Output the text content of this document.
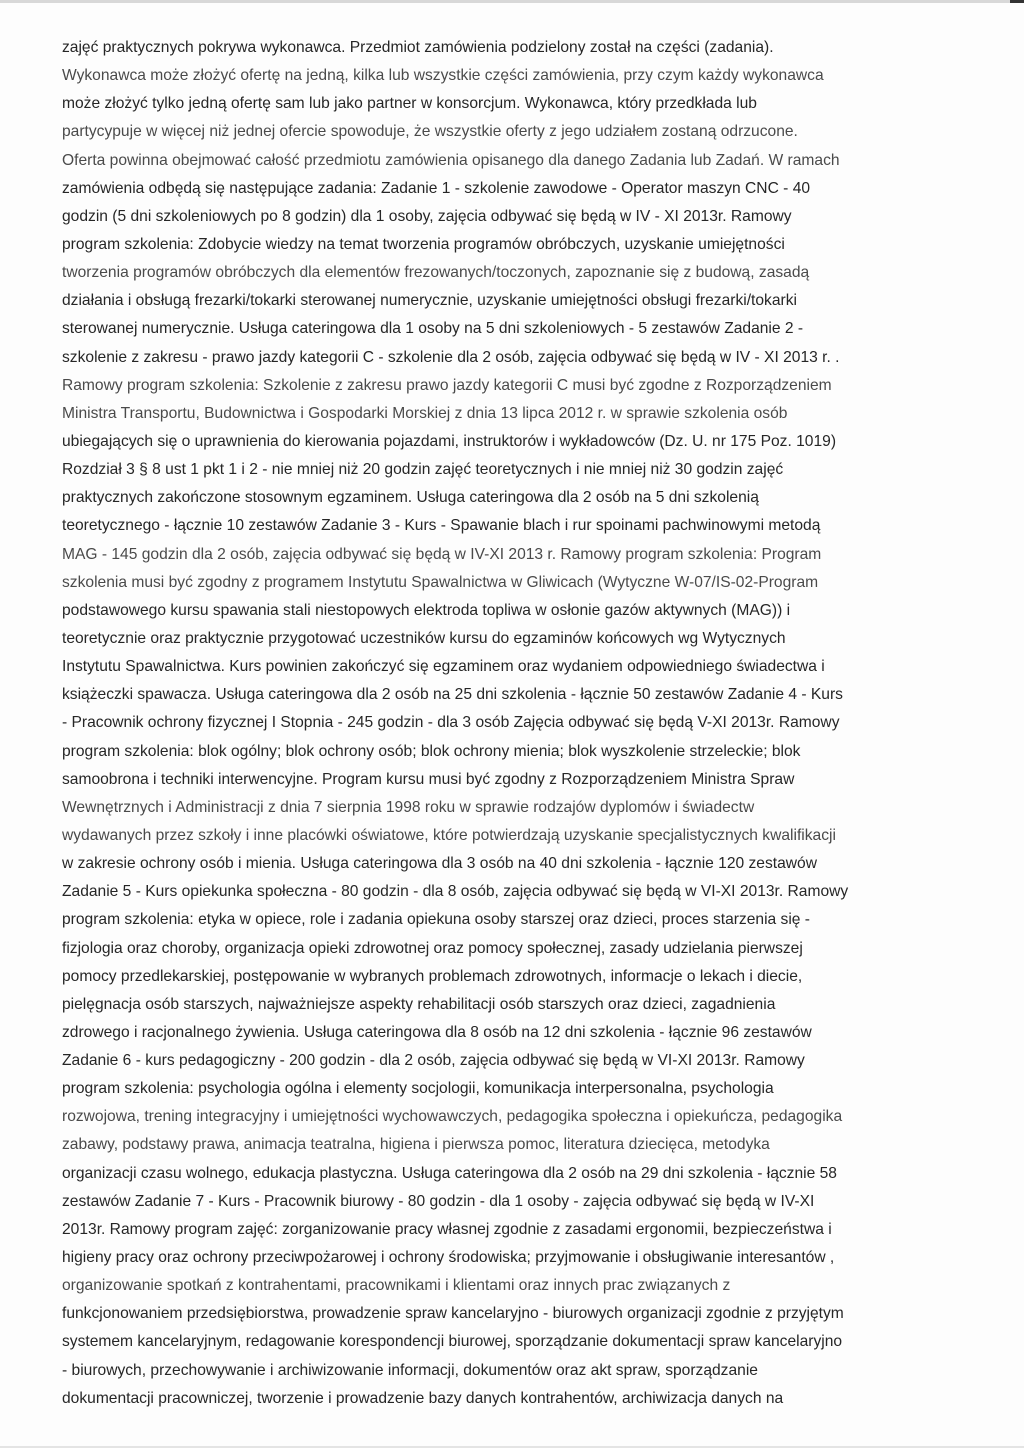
zajęć praktycznych pokrywa wykonawca. Przedmiot zamówienia podzielony został na części (zadania).
Wykonawca może złożyć ofertę na jedną, kilka lub wszystkie części zamówienia, przy czym każdy wykonawca
może złożyć tylko jedną ofertę sam lub jako partner w konsorcjum. Wykonawca, który przedkłada lub
partycypuje w więcej niż jednej ofercie spowoduje, że wszystkie oferty z jego udziałem zostaną odrzucone.
Oferta powinna obejmować całość przedmiotu zamówienia opisanego dla danego Zadania lub Zadań. W ramach
zamówienia odbędą się następujące zadania: Zadanie 1 - szkolenie zawodowe - Operator maszyn CNC - 40
godzin (5 dni szkoleniowych po 8 godzin) dla 1 osoby, zajęcia odbywać się będą w IV - XI 2013r. Ramowy
program szkolenia: Zdobycie wiedzy na temat tworzenia programów obróbczych, uzyskanie umiejętności
tworzenia programów obróbczych dla elementów frezowanych/toczonych, zapoznanie się z budową, zasadą
działania i obsługą frezarki/tokarki sterowanej numerycznie, uzyskanie umiejętności obsługi frezarki/tokarki
sterowanej numerycznie. Usługa cateringowa dla 1 osoby na 5 dni szkoleniowych - 5 zestawów Zadanie 2 -
szkolenie z zakresu - prawo jazdy kategorii C - szkolenie dla 2 osób, zajęcia odbywać się będą w IV - XI 2013 r. .
Ramowy program szkolenia: Szkolenie z zakresu prawo jazdy kategorii C musi być zgodne z Rozporządzeniem
Ministra Transportu, Budownictwa i Gospodarki Morskiej z dnia 13 lipca 2012 r. w sprawie szkolenia osób
ubiegających się o uprawnienia do kierowania pojazdami, instruktorów i wykładowców (Dz. U. nr 175 Poz. 1019)
Rozdział 3 § 8 ust 1 pkt 1 i 2 - nie mniej niż 20 godzin zajęć teoretycznych i nie mniej niż 30 godzin zajęć
praktycznych zakończone stosownym egzaminem. Usługa cateringowa dla 2 osób na 5 dni szkolenią
teoretycznego - łącznie 10 zestawów Zadanie 3 - Kurs - Spawanie blach i rur spoinami pachwinowymi metodą
MAG - 145 godzin dla 2 osób, zajęcia odbywać się będą w IV-XI 2013 r. Ramowy program szkolenia: Program
szkolenia musi być zgodny z programem Instytutu Spawalnictwa w Gliwicach (Wytyczne W-07/IS-02-Program
podstawowego kursu spawania stali niestopowych elektroda topliwa w osłonie gazów aktywnych (MAG)) i
teoretycznie oraz praktycznie przygotować uczestników kursu do egzaminów końcowych wg Wytycznych
Instytutu Spawalnictwa. Kurs powinien zakończyć się egzaminem oraz wydaniem odpowiedniego świadectwa i
książeczki spawacza. Usługa cateringowa dla 2 osób na 25 dni szkolenia - łącznie 50 zestawów Zadanie 4 - Kurs
- Pracownik ochrony fizycznej I Stopnia - 245 godzin - dla 3 osób Zajęcia odbywać się będą V-XI 2013r. Ramowy
program szkolenia: blok ogólny; blok ochrony osób; blok ochrony mienia; blok wyszkolenie strzeleckie; blok
samoobrona i techniki interwencyjne. Program kursu musi być zgodny z Rozporządzeniem Ministra Spraw
Wewnętrznych i Administracji z dnia 7 sierpnia 1998 roku w sprawie rodzajów dyplomów i świadectw
wydawanych przez szkoły i inne placówki oświatowe, które potwierdzają uzyskanie specjalistycznych kwalifikacji
w zakresie ochrony osób i mienia. Usługa cateringowa dla 3 osób na 40 dni szkolenia - łącznie 120 zestawów
Zadanie 5 - Kurs opiekunka społeczna - 80 godzin - dla 8 osób, zajęcia odbywać się będą w VI-XI 2013r. Ramowy
program szkolenia: etyka w opiece, role i zadania opiekuna osoby starszej oraz dzieci, proces starzenia się -
fizjologia oraz choroby, organizacja opieki zdrowotnej oraz pomocy społecznej, zasady udzielania pierwszej
pomocy przedlekarskiej, postępowanie w wybranych problemach zdrowotnych, informacje o lekach i diecie,
pielęgnacja osób starszych, najważniejsze aspekty rehabilitacji osób starszych oraz dzieci, zagadnienia
zdrowego i racjonalnego żywienia. Usługa cateringowa dla 8 osób na 12 dni szkolenia - łącznie 96 zestawów
Zadanie 6 - kurs pedagogiczny - 200 godzin - dla 2 osób, zajęcia odbywać się będą w VI-XI 2013r. Ramowy
program szkolenia: psychologia ogólna i elementy socjologii, komunikacja interpersonalna, psychologia
rozwojowa, trening integracyjny i umiejętności wychowawczych, pedagogika społeczna i opiekuńcza, pedagogika
zabawy, podstawy prawa, animacja teatralna, higiena i pierwsza pomoc, literatura dziecięca, metodyka
organizacji czasu wolnego, edukacja plastyczna. Usługa cateringowa dla 2 osób na 29 dni szkolenia - łącznie 58
zestawów Zadanie 7 - Kurs - Pracownik biurowy - 80 godzin - dla 1 osoby - zajęcia odbywać się będą w IV-XI
2013r. Ramowy program zajęć: zorganizowanie pracy własnej zgodnie z zasadami ergonomii, bezpieczeństwa i
higieny pracy oraz ochrony przeciwpożarowej i ochrony środowiska; przyjmowanie i obsługiwanie interesantów ,
organizowanie spotkań z kontrahentami, pracownikami i klientami oraz innych prac związanych z
funkcjonowaniem przedsiębiorstwa, prowadzenie spraw kancelaryjno - biurowych organizacji zgodnie z przyjętym
systemem kancelaryjnym, redagowanie korespondencji biurowej, sporządzanie dokumentacji spraw kancelaryjno
- biurowych, przechowywanie i archiwizowanie informacji, dokumentów oraz akt spraw, sporządzanie
dokumentacji pracowniczej, tworzenie i prowadzenie bazy danych kontrahentów, archiwizacja danych na
